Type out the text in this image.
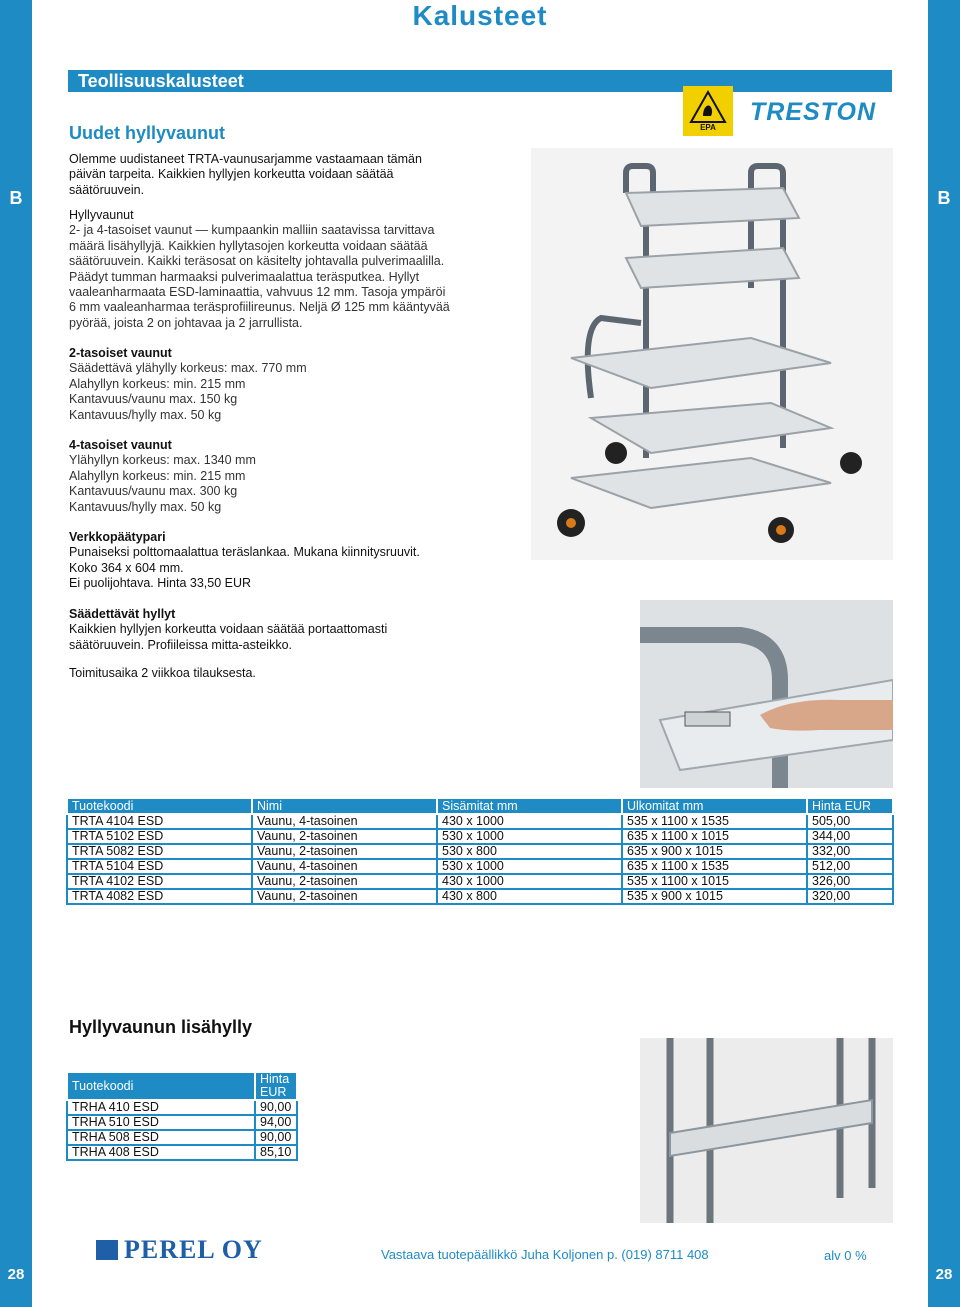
B
28
B
28
Kalusteet
Teollisuuskalusteet
EPA
TRESTON
Uudet hyllyvaunut

Olemme uudistaneet TRTA-vaunusarjamme vastaamaan tämän

päivän tarpeita. Kaikkien hyllyjen korkeutta voidaan säätää

säätöruuvein.

Hyllyvaunut

2- ja 4-tasoiset vaunut — kumpaankin malliin saatavissa tarvittava

määrä lisähyllyjä. Kaikkien hyllytasojen korkeutta voidaan säätää

säätöruuvein. Kaikki teräsosat on käsitelty johtavalla pulverimaalilla.

Päädyt tumman harmaaksi pulverimaalattua teräsputkea. Hyllyt

vaaleanharmaata ESD-laminaattia, vahvuus 12 mm. Tasoja ympäröi

6 mm vaaleanharmaa teräsprofiilireunus. Neljä Ø 125 mm kääntyvää

pyörää, joista 2 on johtavaa ja 2 jarrullista.

2-tasoiset vaunut

Säädettävä ylähylly korkeus: max. 770 mm

Alahyllyn korkeus: min. 215 mm

Kantavuus/vaunu max. 150 kg

Kantavuus/hylly max. 50 kg

4-tasoiset vaunut

Ylähyllyn korkeus: max. 1340 mm

Alahyllyn korkeus: min. 215 mm

Kantavuus/vaunu max. 300 kg

Kantavuus/hylly max. 50 kg

Verkkopäätypari

Punaiseksi polttomaalattua teräslankaa. Mukana kiinnitysruuvit.

Koko 364 x 604 mm.

Ei puolijohtava. Hinta 33,50 EUR

Säädettävät hyllyt

Kaikkien hyllyjen korkeutta voidaan säätää portaattomasti

säätöruuvein. Profiileissa mitta-asteikko.

Toimitusaika 2 viikkoa tilauksesta.

Tuotekoodi	Nimi	Sisämitat mm	Ulkomitat mm	Hinta EUR
TRTA 4104 ESD	Vaunu, 4-tasoinen	430 x 1000	535 x 1100 x 1535	505,00
TRTA 5102 ESD	Vaunu, 2-tasoinen	530 x 1000	635 x 1100 x 1015	344,00
TRTA 5082 ESD	Vaunu, 2-tasoinen	530 x 800	635 x 900 x 1015	332,00
TRTA 5104 ESD	Vaunu, 4-tasoinen	530 x 1000	635 x 1100 x 1535	512,00
TRTA 4102 ESD	Vaunu, 2-tasoinen	430 x 1000	535 x 1100 x 1015	326,00
TRTA 4082 ESD	Vaunu, 2-tasoinen	430 x 800	535 x 900 x 1015	320,00
Hyllyvaunun lisähylly
Tuotekoodi	Hinta EUR
TRHA 410 ESD	90,00
TRHA 510 ESD	94,00
TRHA 508 ESD	90,00
TRHA 408 ESD	85,10
PEREL OY	Vastaava tuotepäällikkö Juha Koljonen p. (019) 8711 408	alv 0 %
